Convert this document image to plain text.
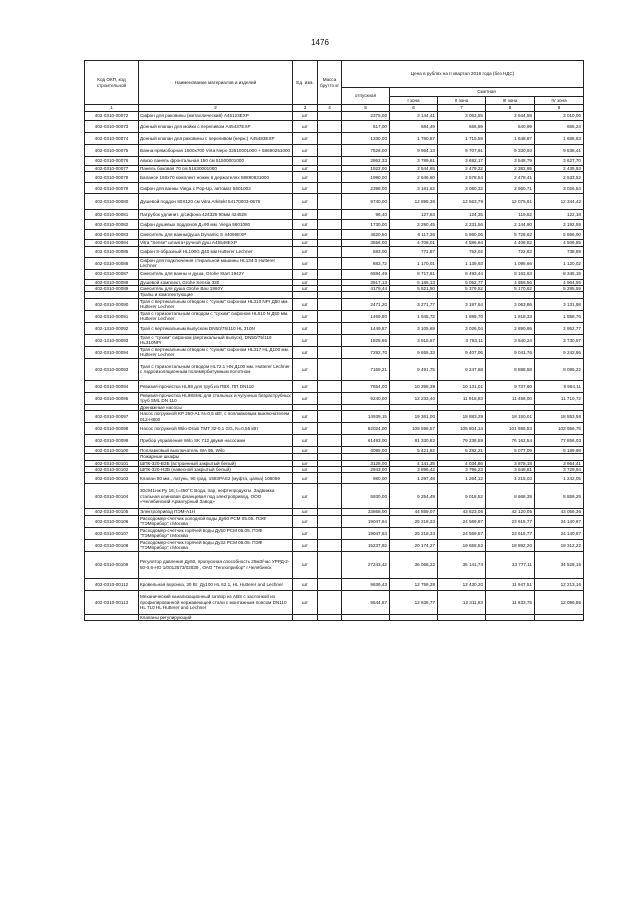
1476
Код ОКП, код строительной	Наименование материалов и изделий	Ед. изм.	Масса брутто кг	Цена в рублях на II квартал 2016 года (без НДС)				
				отпускная	Сметная			
					I зона	II зона	III зона	IV зона
1	2	3	4	5	6	7	8	9
402-0310-00072	Сифон для раковины (металлический) А45123ЕХР	шт		2375,00	3 144,41	3 063,55	2 944,59	3 010,06
402-0310-00073	Донный клапан для мойки с переливом А45437ЕХР	шт		517,00	684,49	666,89	640,99	655,24
402-0310-00074	Донный клапан для раковины с переливом (нерж.) А45483ЕХР	шт		1330,00	1 760,87	1 715,59	1 648,97	1 685,63
402-0310-00075	Ванна прямоборная 1500х700 Virta Nepo 32510001000 + 58690251000	шт		7526,00	9 964,13	9 707,91	9 330,93	9 538,41
402-0310-00076	Авизо панель фронтальная 150 см 51500001000	шт		2862,33	3 789,61	3 692,17	3 548,79	3 627,70
402-0310-00077	Панель боковая 70 см 51630001000	шт		1922,00	2 544,65	2 479,22	2 382,95	2 435,93
402-0310-00078	Балансе 150х70 комплект ножек в держателях 58890831000	шт		1990,00	2 646,60	2 578,54	2 478,41	2 533,52
402-0310-00079	Сифон для ванны Viega с Pop-Up, автомат 5601002	шт		2398,00	3 181,62	3 080,32	2 960,71	3 026,54
402-0310-00080	Душевой поддон 80Х120 см Vitra Arkitekt 54170003-0578	шт		9740,00	12 895,36	12 563,79	12 075,91	12 344,42
402-0310-00081	Патрубок удлинит. д/сифона 424325 90мм 424528	шт		96,40	127,63	124,35	119,52	122,18
402-0310-00082	Сифон душевых поддонов Д=90 мм. Viega 5601080	шт		1730,00	2 290,45	2 231,56	2 144,90	2 192,59
402-0310-00083	Смеситель для ванны/душа Dynamic S 44095EXP	шт		4620,50	6 117,36	5 960,06	5 728,62	5 856,00
402-0310-00084	Vitra "Sense" штанга+ручной душ A45548EXP	шт		3556,00	4 708,01	4 586,94	4 408,82	4 506,85
402-0310-00085	Сифон S-образный HL100G Д40 мм Hutterer Lechner	шт		583,00	771,87	752,02	722,82	738,89
402-0310-00086	Сифон для подключения стиральной машины HL134.0 Hutterer Lechner	шт		883,72	1 170,01	1 139,93	1 095,66	1 120,02
402-0310-00087	Смеситель для ванны и душа, Grohe Start 1942Y	шт		6584,49	8 717,61	8 493,44	8 163,63	8 345,15
402-0310-00088	Душевой комплект, Grohe Sensia 330	шт		3917,13	5 186,13	5 052,77	4 856,56	4 964,55
402-0310-00089	Смеситель для душа Grohe Bau 1960Y	шт		4179,44	5 521,50	5 379,52	5 170,62	5 285,59
	Трапы и комплектующие							
402-0310-00090	Трап с вертикальным отводом с "сухим" сифоном HL310 NPr Д50 мм. Hutterer Lechner	шт		2471,20	3 271,77	3 187,64	3 063,86	3 131,98
402-0310-00091	Трап с горизонтальным отводом с "сухим" сифоном HL510 N Д50 мм. Hutterer Lechner	шт		1469,60	1 945,72	1 895,70	1 818,33	1 858,76
402-1310-00092	Трап с вертикальным выпуском DN50/75/110 HL 310N	шт		1449,87	3 105,69	3 026,04	2 890,95	2 952,77
402-1310-00093	Трап с "сухим" сифоном (вертикальный выпуск), DN50/75/110 HL310NPr	шт		1825,65	3 915,67	3 783,11	3 640,24	3 730,97
402-0310-00094	Трап с вертикальным отводом с "сухим" сифоном HL317 HL Д100 мм. Hutterer Lechner	шт		7292,70	9 655,33	9 407,06	9 041,76	9 242,86
402-0310-00093	Трап с горизонтальным отводом HL72.1 HN Д100 мм. Hutterer Lechner с гидроизоляционным полимербитумным полотном	шт		7169,21	9 491,75	9 247,68	8 888,58	9 086,22
402-0310-00094	Ревизия-прочистка HL98 для труб из ПВХ, ПП DN110	шт		7654,00	10 398,39	10 131,01	9 737,60	9 954,11
402-0310-00095	Ревизия-прочистка HL98SML для стальных и чугунных безраструбных труб SML DN 110	шт		9240,00	12 233,40	11 918,83	11 456,00	11 710,72
	Дренажные насосы							
402-0310-00097	Насос погружной KP 250-A1 N=0,5 кВт, с поплавковым выключателем 012-H800	шт		14939,15	19 361,00	18 883,29	18 150,01	18 553,58
402-0310-00098	Насос погружной Wilo-Drain TMT 32-0,1 GG, N=0,55 кВт	шт		82024,00	108 596,57	105 804,14	101 695,53	103 956,75
402-0310-00099	Прибор управления Wilo SK 712 двумя насосами	шт		61493,00	81 330,82	79 238,59	76 162,54	77 856,03
402-0310-00100	Поплавковый выключатель WA 95, Wilo	шт		4095,00	5 421,82	5 282,21	5 077,09	5 189,98
	Пожарные шкафы							
402-0310-00101	ШПК-320-ВЗБ (встроенный закрытый белый)	шт		3128,00	4 141,35	4 034,86	3 878,18	3 964,41
402-0310-00102	ШПК-320-НЗБ (навесной закрытый белый)	шт		2943,00	3 896,42	3 796,23	3 648,81	3 729,94
402-0310-00103	Клапан 50 мм., латунь, 90 град. 1583PAS2 (муфта, цапка) 105059	шт		980,00	1 297,48	1 264,12	1 215,03	1 242,05
402-0310-00104	30с941нж Ру 16, t=450°С Вода, пар, нефтепродукты. Задвижка стальная клиновая фланцевая под электропривод, ООО «Челябинский Арматурный Завод»	шт		6930,00	9 254,49	9 018,52	8 668,39	8 859,29
402-0310-00105	Электропривод ПЭМ-А1Н	шт		33868,00	44 859,07	43 823,06	42 120,05	43 056,36
402-0310-00106	Расходомер-счетчик холодной воды Ду50 РСМ 05.05. ПЭФ "ТЭМприбор" г.Москва	шт		19047,64	25 218,33	24 569,87	23 615,77	24 140,87
402-0310-00107	Расходомер-счетчик горячей воды Ду50 РСМ 05.05. ПЭФ "ТЭМприбор" г.Москва	шт		19047,64	25 218,33	24 569,87	23 615,77	24 140,87
402-0310-00108	Расходомер-счетчик горячей воды Ду32 РСМ 05.05. ПЭФ "ТЭМприбор" г.Москва	шт		15237,92	20 174,27	19 655,52	18 892,20	19 312,22
402-0310-00109	Регулятор давления Ду50, пропускная способность 25м3/час УРРД-2-50-0,6-НО 1/0012573/02839 , ОАО "Теплоприбор" г.Челябинск	шт		27243,42	36 068,22	35 141,74	33 777,11	34 528,15
402-0310-00112	Кровельная воронка, 30 Вт. Ду100 HL 62.1, HL Hutterer and Lechner	шт		9636,43	12 758,28	12 430,20	11 947,51	12 213,16
402-0310-00113	Механический канализационный затвор из ABS с заслонкой из профилированной нержавеющей стали с монтажным поясом DN110 HL 710 HL Hutterer and Lechner	шт		9544,87	12 636,77	12 311,83	11 833,75	12 096,86
	Клапаны регулирующий							
